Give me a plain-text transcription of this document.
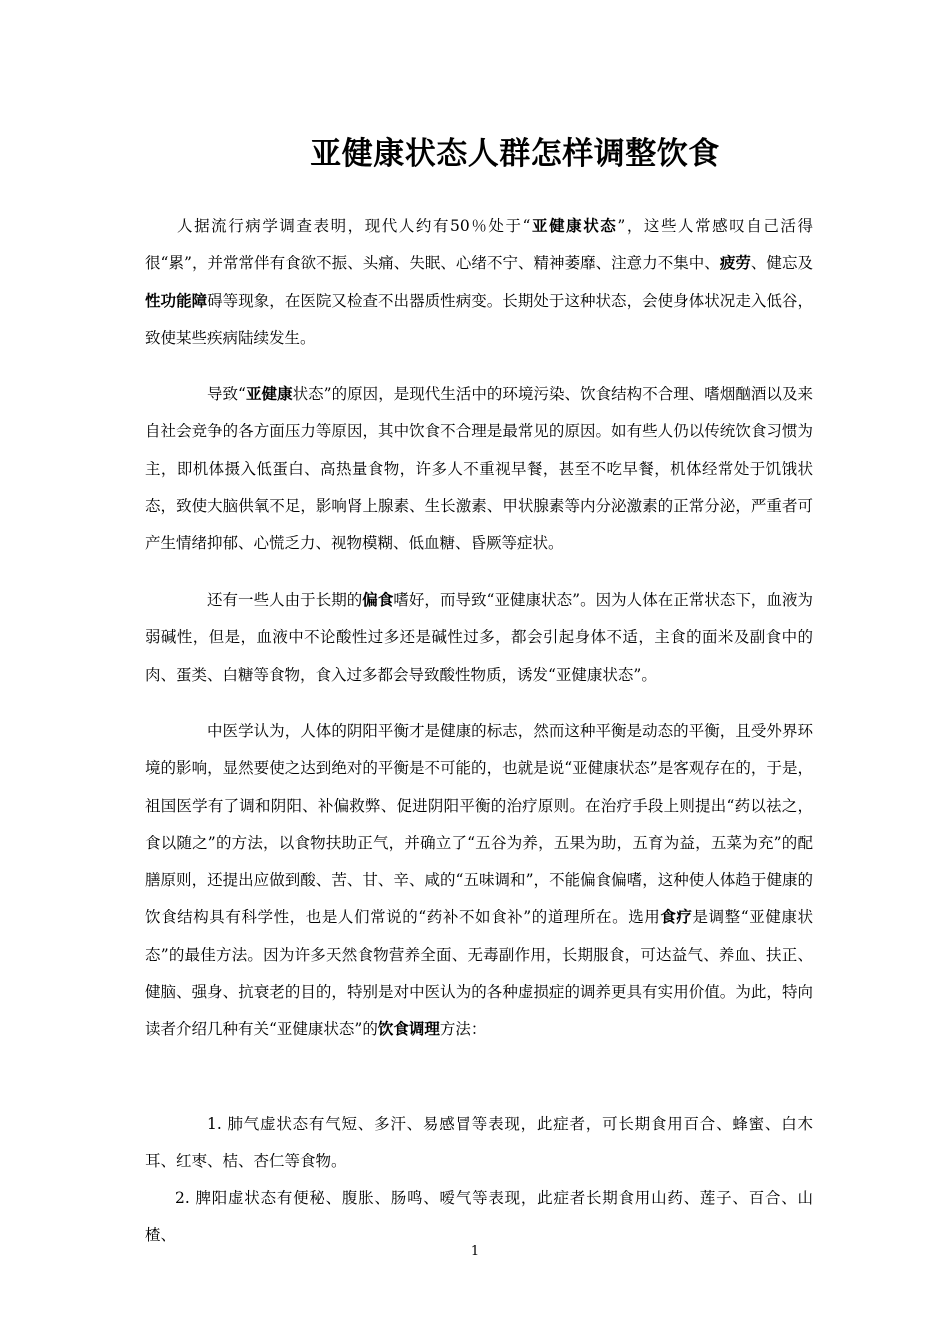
亚健康状态人群怎样调整饮食

人据流行病学调查表明，现代人约有50％处于“亚健康状态”，这些人常感叹自己活得很“累”，并常常伴有食欲不振、头痛、失眠、心绪不宁、精神萎靡、注意力不集中、疲劳、健忘及性功能障碍等现象，在医院又检查不出器质性病变。长期处于这种状态，会使身体状况走入低谷，致使某些疾病陆续发生。

导致“亚健康状态”的原因，是现代生活中的环境污染、饮食结构不合理、嗜烟酗酒以及来自社会竞争的各方面压力等原因，其中饮食不合理是最常见的原因。如有些人仍以传统饮食习惯为主，即机体摄入低蛋白、高热量食物，许多人不重视早餐，甚至不吃早餐，机体经常处于饥饿状态，致使大脑供氧不足，影响肾上腺素、生长激素、甲状腺素等内分泌激素的正常分泌，严重者可产生情绪抑郁、心慌乏力、视物模糊、低血糖、昏厥等症状。

还有一些人由于长期的偏食嗜好，而导致“亚健康状态”。因为人体在正常状态下，血液为弱碱性，但是，血液中不论酸性过多还是碱性过多，都会引起身体不适，主食的面米及副食中的肉、蛋类、白糖等食物，食入过多都会导致酸性物质，诱发“亚健康状态”。

中医学认为，人体的阴阳平衡才是健康的标志，然而这种平衡是动态的平衡，且受外界环境的影响，显然要使之达到绝对的平衡是不可能的，也就是说“亚健康状态”是客观存在的，于是，祖国医学有了调和阴阳、补偏救弊、促进阴阳平衡的治疗原则。在治疗手段上则提出“药以祛之，食以随之”的方法，以食物扶助正气，并确立了“五谷为养，五果为助，五育为益，五菜为充”的配膳原则，还提出应做到酸、苦、甘、辛、咸的“五味调和”，不能偏食偏嗜，这种使人体趋于健康的饮食结构具有科学性，也是人们常说的“药补不如食补”的道理所在。选用食疗是调整“亚健康状态”的最佳方法。因为许多天然食物营养全面、无毒副作用，长期服食，可达益气、养血、扶正、健脑、强身、抗衰老的目的，特别是对中医认为的各种虚损症的调养更具有实用价值。为此，特向读者介绍几种有关“亚健康状态”的饮食调理方法：

1. 肺气虚状态有气短、多汗、易感冒等表现，此症者，可长期食用百合、蜂蜜、白木耳、红枣、桔、杏仁等食物。

2. 脾阳虚状态有便秘、腹胀、肠鸣、嗳气等表现，此症者长期食用山药、莲子、百合、山楂、

1
